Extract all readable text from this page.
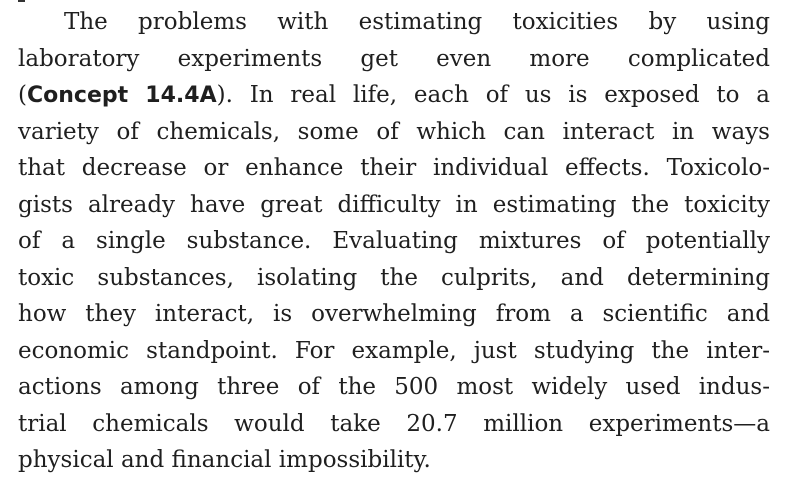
The problems with estimating toxicities by using
laboratory experiments get even more complicated
(Concept 14.4A). In real life, each of us is exposed to a
variety of chemicals, some of which can interact in ways
that decrease or enhance their individual effects. Toxicolo-
gists already have great difficulty in estimating the toxicity
of a single substance. Evaluating mixtures of potentially
toxic substances, isolating the culprits, and determining
how they interact, is overwhelming from a scientific and
economic standpoint. For example, just studying the inter-
actions among three of the 500 most widely used indus-
trial chemicals would take 20.7 million experiments—a
physical and financial impossibility.
